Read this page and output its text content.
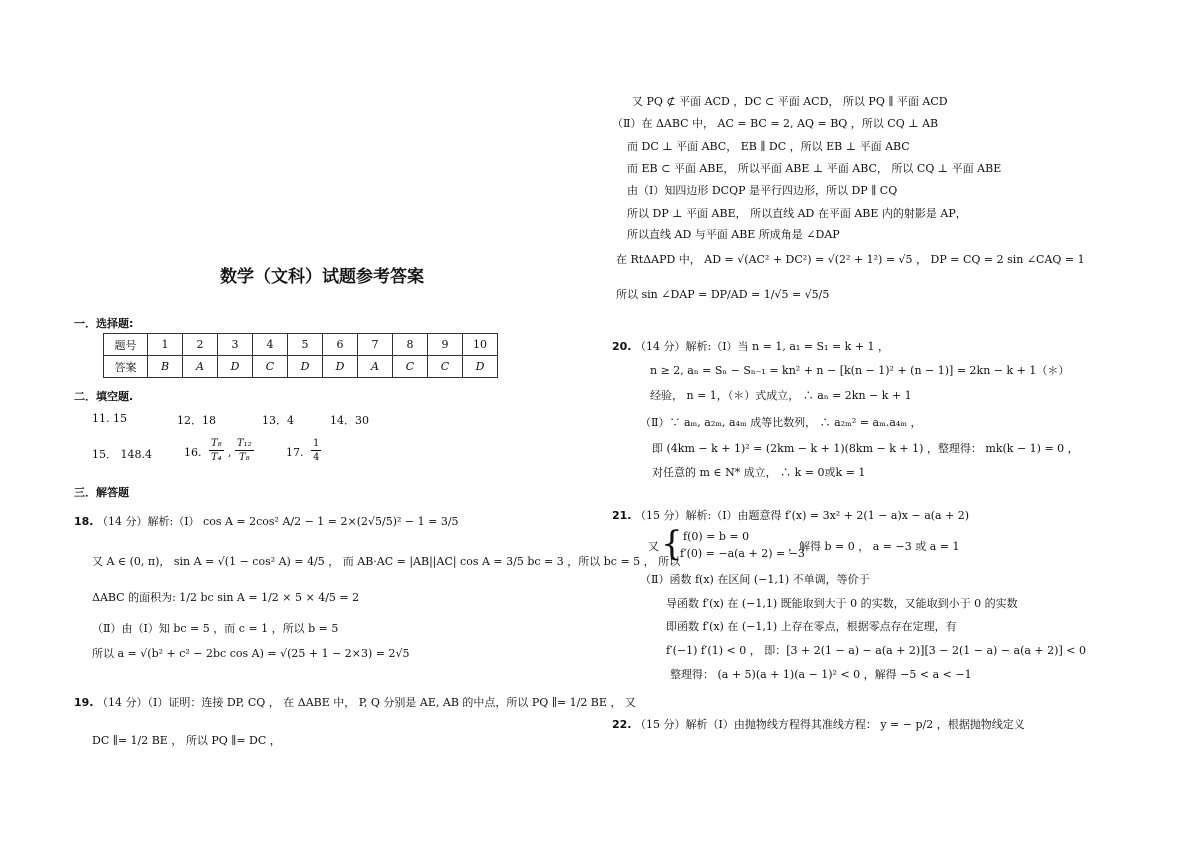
数学（文科）试题参考答案
一．选择题:
题号	1	2	3	4	5	6	7	8	9	10
答案	B	A	D	C	D	D	A	C	C	D
二．填空题.
11. 15	12．18	13．4	14．30
15． 148.4	16. $\frac{\text{T₈}}{\text{T₄}}$ , $\frac{\text{T₁₂}}{\text{T₈}}$	17. $\frac{1}{4}$
三．解答题
18. （14 分）解析:（Ⅰ） cos A = 2cos² A/2 − 1 = 2×(2√5/5)² − 1 = 3/5
又 A ∈ (0, π)， sin A = √(1 − cos² A) = 4/5 ， 而 AB·AC = |AB||AC| cos A = 3/5 bc = 3 ，所以 bc = 5 ， 所以
ΔABC 的面积为: 1/2 bc sin A = 1/2 × 5 × 4/5 = 2
（Ⅱ）由（Ⅰ）知 bc = 5 ，而 c = 1 ，所以 b = 5
所以 a = √(b² + c² − 2bc cos A) = √(25 + 1 − 2×3) = 2√5
19. （14 分）（Ⅰ）证明：连接 DP, CQ ， 在 ΔABE 中， P, Q 分别是 AE, AB 的中点，所以 PQ ∥= 1/2 BE ， 又
DC ∥= 1/2 BE ， 所以 PQ ∥= DC ，
又 PQ ⊄ 平面 ACD ，DC ⊂ 平面 ACD， 所以 PQ ∥ 平面 ACD
（Ⅱ）在 ΔABC 中， AC = BC = 2, AQ = BQ ，所以 CQ ⊥ AB
而 DC ⊥ 平面 ABC， EB ∥ DC ，所以 EB ⊥ 平面 ABC
而 EB ⊂ 平面 ABE， 所以平面 ABE ⊥ 平面 ABC， 所以 CQ ⊥ 平面 ABE
由（Ⅰ）知四边形 DCQP 是平行四边形，所以 DP ∥ CQ
所以 DP ⊥ 平面 ABE， 所以直线 AD 在平面 ABE 内的射影是 AP，
所以直线 AD 与平面 ABE 所成角是 ∠DAP
在 RtΔAPD 中， AD = √(AC² + DC²) = √(2² + 1²) = √5 ， DP = CQ = 2 sin ∠CAQ = 1
所以 sin ∠DAP = DP/AD = 1/√5 = √5/5
20. （14 分）解析:（Ⅰ）当 n = 1, a₁ = S₁ = k + 1 ，
n ≥ 2, aₙ = Sₙ − Sₙ₋₁ = kn² + n − [k(n − 1)² + (n − 1)] = 2kn − k + 1（＊）
经验， n = 1，（＊）式成立， ∴ aₙ = 2kn − k + 1
（Ⅱ）∵ aₘ, a₂ₘ, a₄ₘ 成等比数列， ∴ a₂ₘ² = aₘ.a₄ₘ ，
即 (4km − k + 1)² = (2km − k + 1)(8km − k + 1) ，整理得： mk(k − 1) = 0 ，
对任意的 m ∈ N* 成立， ∴ k = 0或k = 1
21. （15 分）解析:（Ⅰ）由题意得 f′(x) = 3x² + 2(1 − a)x − a(a + 2)
又 { f(0) = b = 0
f′(0) = −a(a + 2) = −3
，解得 b = 0 ， a = −3 或 a = 1
（Ⅱ）函数 f(x) 在区间 (−1,1) 不单调，等价于
导函数 f′(x) 在 (−1,1) 既能取到大于 0 的实数，又能取到小于 0 的实数
即函数 f′(x) 在 (−1,1) 上存在零点，根据零点存在定理，有
f′(−1) f′(1) < 0 ， 即：[3 + 2(1 − a) − a(a + 2)][3 − 2(1 − a) − a(a + 2)] < 0
整理得： (a + 5)(a + 1)(a − 1)² < 0 ，解得 −5 < a < −1
22. （15 分）解析（Ⅰ）由抛物线方程得其准线方程： y = − p/2 ，根据抛物线定义
